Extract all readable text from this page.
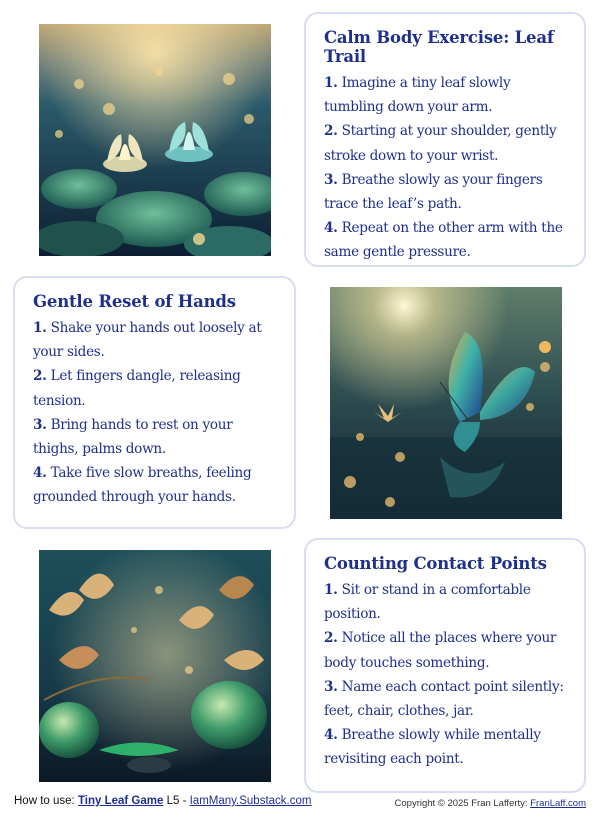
Calm Body Exercise: Leaf Trail
1. Imagine a tiny leaf slowly tumbling down your arm.
2. Starting at your shoulder, gently stroke down to your wrist.
3. Breathe slowly as your fingers trace the leaf’s path.
4. Repeat on the other arm with the same gentle pressure.
Gentle Reset of Hands
1. Shake your hands out loosely at your sides.
2. Let fingers dangle, releasing tension.
3. Bring hands to rest on your thighs, palms down.
4. Take five slow breaths, feeling grounded through your hands.
Counting Contact Points
1. Sit or stand in a comfortable position.
2. Notice all the places where your body touches something.
3. Name each contact point silently: feet, chair, clothes, jar.
4. Breathe slowly while mentally revisiting each point.
How to use: Tiny Leaf Game L5 - IamMany.Substack.com	Copyright © 2025 Fran Lafferty: FranLaff.com
